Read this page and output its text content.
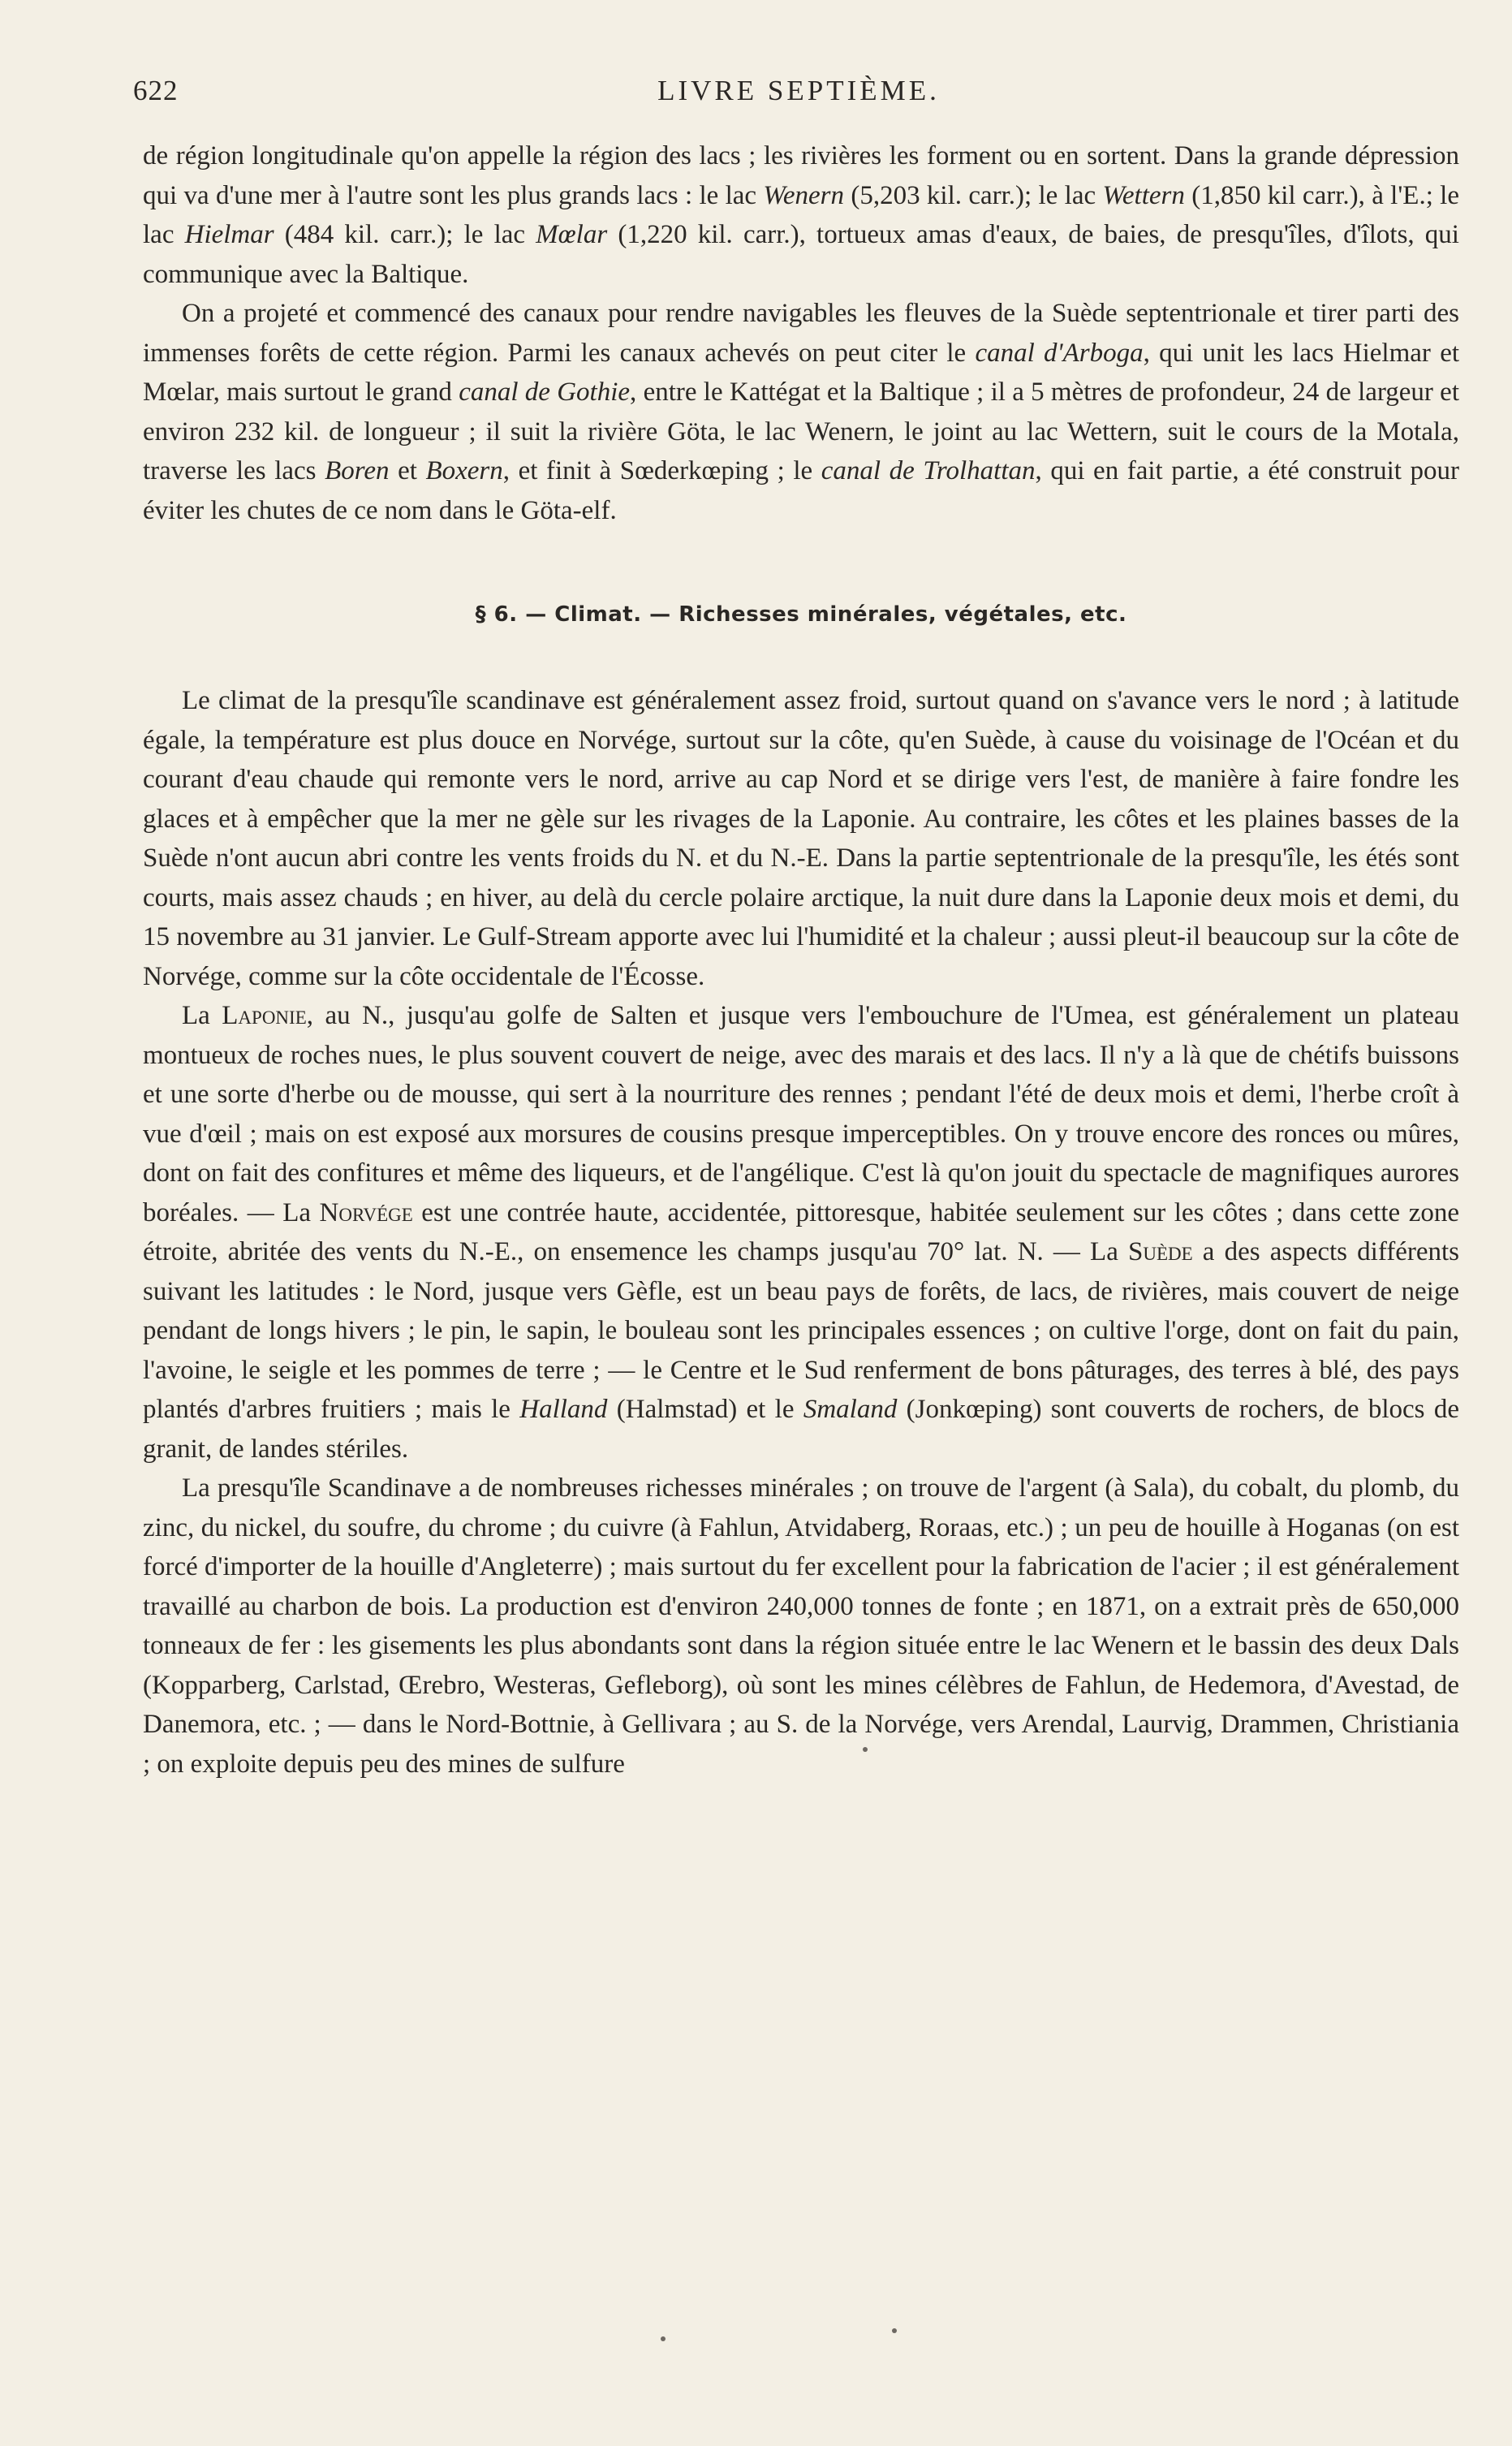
622	LIVRE SEPTIÈME.

de région longitudinale qu'on appelle la région des lacs ; les rivières les forment ou en sortent. Dans la grande dépression qui va d'une mer à l'autre sont les plus grands lacs : le lac Wenern (5,203 kil. carr.); le lac Wettern (1,850 kil carr.), à l'E.; le lac Hielmar (484 kil. carr.); le lac Mœlar (1,220 kil. carr.), tortueux amas d'eaux, de baies, de presqu'îles, d'îlots, qui communique avec la Baltique.

On a projeté et commencé des canaux pour rendre navigables les fleuves de la Suède septentrionale et tirer parti des immenses forêts de cette région. Parmi les canaux achevés on peut citer le canal d'Arboga, qui unit les lacs Hielmar et Mœlar, mais surtout le grand canal de Gothie, entre le Kattégat et la Baltique ; il a 5 mètres de profondeur, 24 de largeur et environ 232 kil. de longueur ; il suit la rivière Göta, le lac Wenern, le joint au lac Wettern, suit le cours de la Motala, traverse les lacs Boren et Boxern, et finit à Sœderkœping ; le canal de Trolhattan, qui en fait partie, a été construit pour éviter les chutes de ce nom dans le Göta-elf.

§ 6. — Climat. — Richesses minérales, végétales, etc.

Le climat de la presqu'île scandinave est généralement assez froid, surtout quand on s'avance vers le nord ; à latitude égale, la température est plus douce en Norvége, surtout sur la côte, qu'en Suède, à cause du voisinage de l'Océan et du courant d'eau chaude qui remonte vers le nord, arrive au cap Nord et se dirige vers l'est, de manière à faire fondre les glaces et à empêcher que la mer ne gèle sur les rivages de la Laponie. Au contraire, les côtes et les plaines basses de la Suède n'ont aucun abri contre les vents froids du N. et du N.-E. Dans la partie septentrionale de la presqu'île, les étés sont courts, mais assez chauds ; en hiver, au delà du cercle polaire arctique, la nuit dure dans la Laponie deux mois et demi, du 15 novembre au 31 janvier. Le Gulf-Stream apporte avec lui l'humidité et la chaleur ; aussi pleut-il beaucoup sur la côte de Norvége, comme sur la côte occidentale de l'Écosse.

La Laponie, au N., jusqu'au golfe de Salten et jusque vers l'embouchure de l'Umea, est généralement un plateau montueux de roches nues, le plus souvent couvert de neige, avec des marais et des lacs. Il n'y a là que de chétifs buissons et une sorte d'herbe ou de mousse, qui sert à la nourriture des rennes ; pendant l'été de deux mois et demi, l'herbe croît à vue d'œil ; mais on est exposé aux morsures de cousins presque imperceptibles. On y trouve encore des ronces ou mûres, dont on fait des confitures et même des liqueurs, et de l'angélique. C'est là qu'on jouit du spectacle de magnifiques aurores boréales. — La Norvége est une contrée haute, accidentée, pittoresque, habitée seulement sur les côtes ; dans cette zone étroite, abritée des vents du N.-E., on ensemence les champs jusqu'au 70° lat. N. — La Suède a des aspects différents suivant les latitudes : le Nord, jusque vers Gèfle, est un beau pays de forêts, de lacs, de rivières, mais couvert de neige pendant de longs hivers ; le pin, le sapin, le bouleau sont les principales essences ; on cultive l'orge, dont on fait du pain, l'avoine, le seigle et les pommes de terre ; — le Centre et le Sud renferment de bons pâturages, des terres à blé, des pays plantés d'arbres fruitiers ; mais le Halland (Halmstad) et le Smaland (Jonkœping) sont couverts de rochers, de blocs de granit, de landes stériles.

La presqu'île Scandinave a de nombreuses richesses minérales ; on trouve de l'argent (à Sala), du cobalt, du plomb, du zinc, du nickel, du soufre, du chrome ; du cuivre (à Fahlun, Atvidaberg, Roraas, etc.) ; un peu de houille à Hoganas (on est forcé d'importer de la houille d'Angleterre) ; mais surtout du fer excellent pour la fabrication de l'acier ; il est généralement travaillé au charbon de bois. La production est d'environ 240,000 tonnes de fonte ; en 1871, on a extrait près de 650,000 tonneaux de fer : les gisements les plus abondants sont dans la région située entre le lac Wenern et le bassin des deux Dals (Kopparberg, Carlstad, Œrebro, Westeras, Gefleborg), où sont les mines célèbres de Fahlun, de Hedemora, d'Avestad, de Danemora, etc. ; — dans le Nord-Bottnie, à Gellivara ; au S. de la Norvége, vers Arendal, Laurvig, Drammen, Christiania ; on exploite depuis peu des mines de sulfure
